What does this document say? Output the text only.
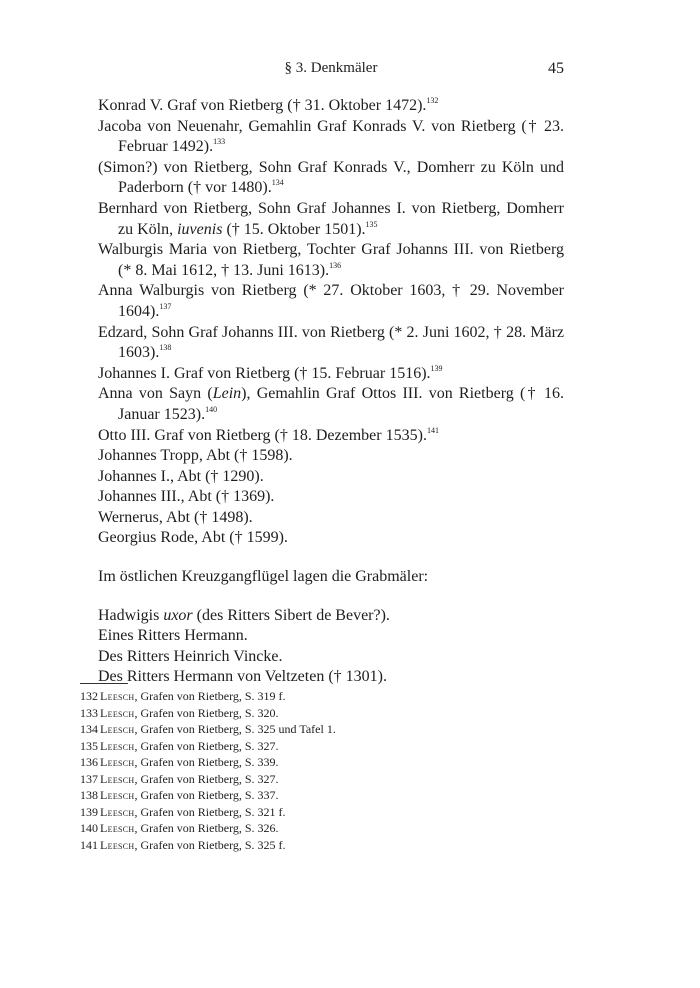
§ 3. Denkmäler	45

Konrad V. Graf von Rietberg († 31. Oktober 1472).$^{132}$

Jacoba von Neuenahr, Gemahlin Graf Konrads V. von Rietberg († 23. Februar 1492).$^{133}$

(Simon?) von Rietberg, Sohn Graf Konrads V., Domherr zu Köln und Paderborn († vor 1480).$^{134}$

Bernhard von Rietberg, Sohn Graf Johannes I. von Rietberg, Domherr zu Köln, iuvenis († 15. Oktober 1501).$^{135}$

Walburgis Maria von Rietberg, Tochter Graf Johanns III. von Rietberg (* 8. Mai 1612, † 13. Juni 1613).$^{136}$

Anna Walburgis von Rietberg (* 27. Oktober 1603, † 29. November 1604).$^{137}$

Edzard, Sohn Graf Johanns III. von Rietberg (* 2. Juni 1602, † 28. März 1603).$^{138}$

Johannes I. Graf von Rietberg († 15. Februar 1516).$^{139}$

Anna von Sayn (Lein), Gemahlin Graf Ottos III. von Rietberg († 16. Januar 1523).$^{140}$

Otto III. Graf von Rietberg († 18. Dezember 1535).$^{141}$

Johannes Tropp, Abt († 1598).

Johannes I., Abt († 1290).

Johannes III., Abt († 1369).

Wernerus, Abt († 1498).

Georgius Rode, Abt († 1599).

Im östlichen Kreuzgangflügel lagen die Grabmäler:

Hadwigis uxor (des Ritters Sibert de Bever?).

Eines Ritters Hermann.

Des Ritters Heinrich Vincke.

Des Ritters Hermann von Veltzeten († 1301).

132 Leesch, Grafen von Rietberg, S. 319 f.

133 Leesch, Grafen von Rietberg, S. 320.

134 Leesch, Grafen von Rietberg, S. 325 und Tafel 1.

135 Leesch, Grafen von Rietberg, S. 327.

136 Leesch, Grafen von Rietberg, S. 339.

137 Leesch, Grafen von Rietberg, S. 327.

138 Leesch, Grafen von Rietberg, S. 337.

139 Leesch, Grafen von Rietberg, S. 321 f.

140 Leesch, Grafen von Rietberg, S. 326.

141 Leesch, Grafen von Rietberg, S. 325 f.
